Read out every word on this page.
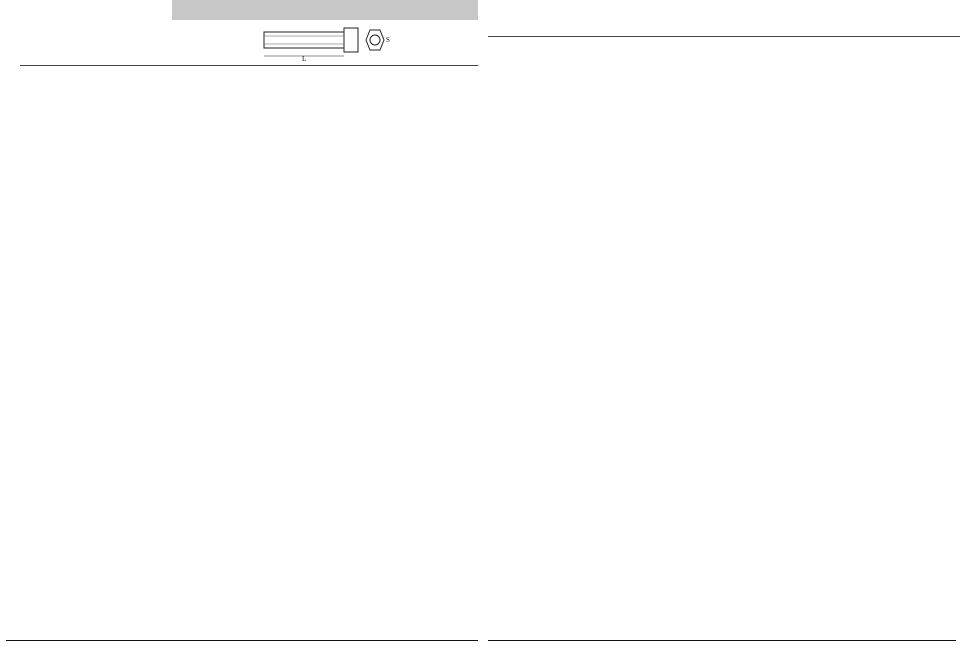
L
S
